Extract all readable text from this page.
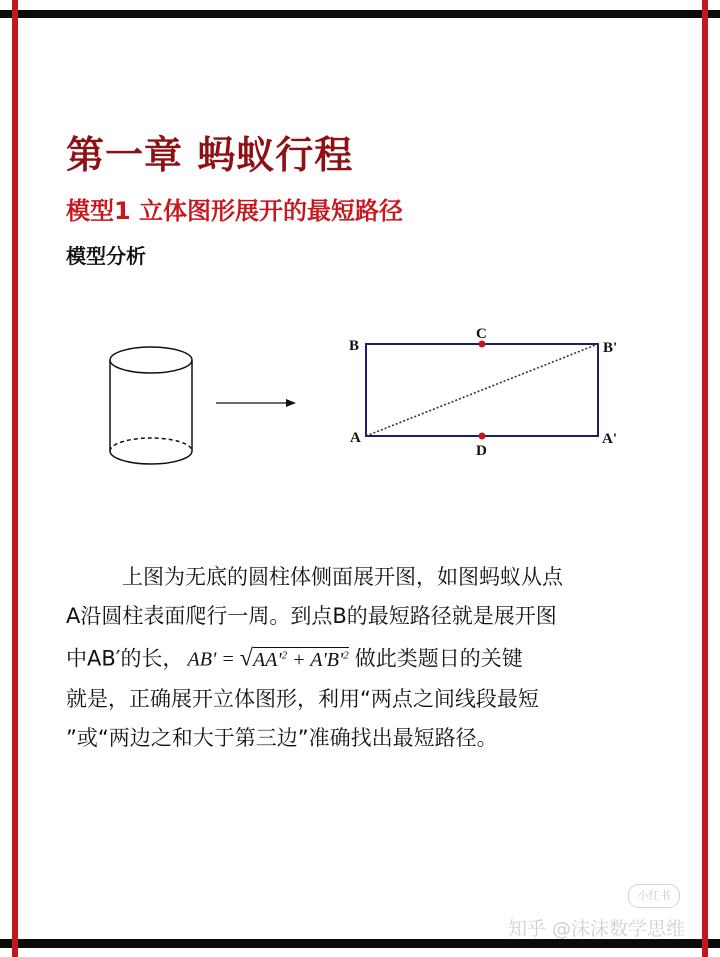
第一章 蚂蚁行程
模型1 立体图形展开的最短路径
模型分析
B
C
B'
A
D
A'

上图为无底的圆柱体侧面展开图，如图蚂蚁从点

A沿圆柱表面爬行一周。到点B的最短路径就是展开图

中AB′的长， $AB' = √AA'^2 + A'B'^2$ 做此类题日的关键

就是，正确展开立体图形，利用“两点之间线段最短

”或“两边之和大于第三边”准确找出最短路径。

小红书
知乎 @沫沫数学思维
